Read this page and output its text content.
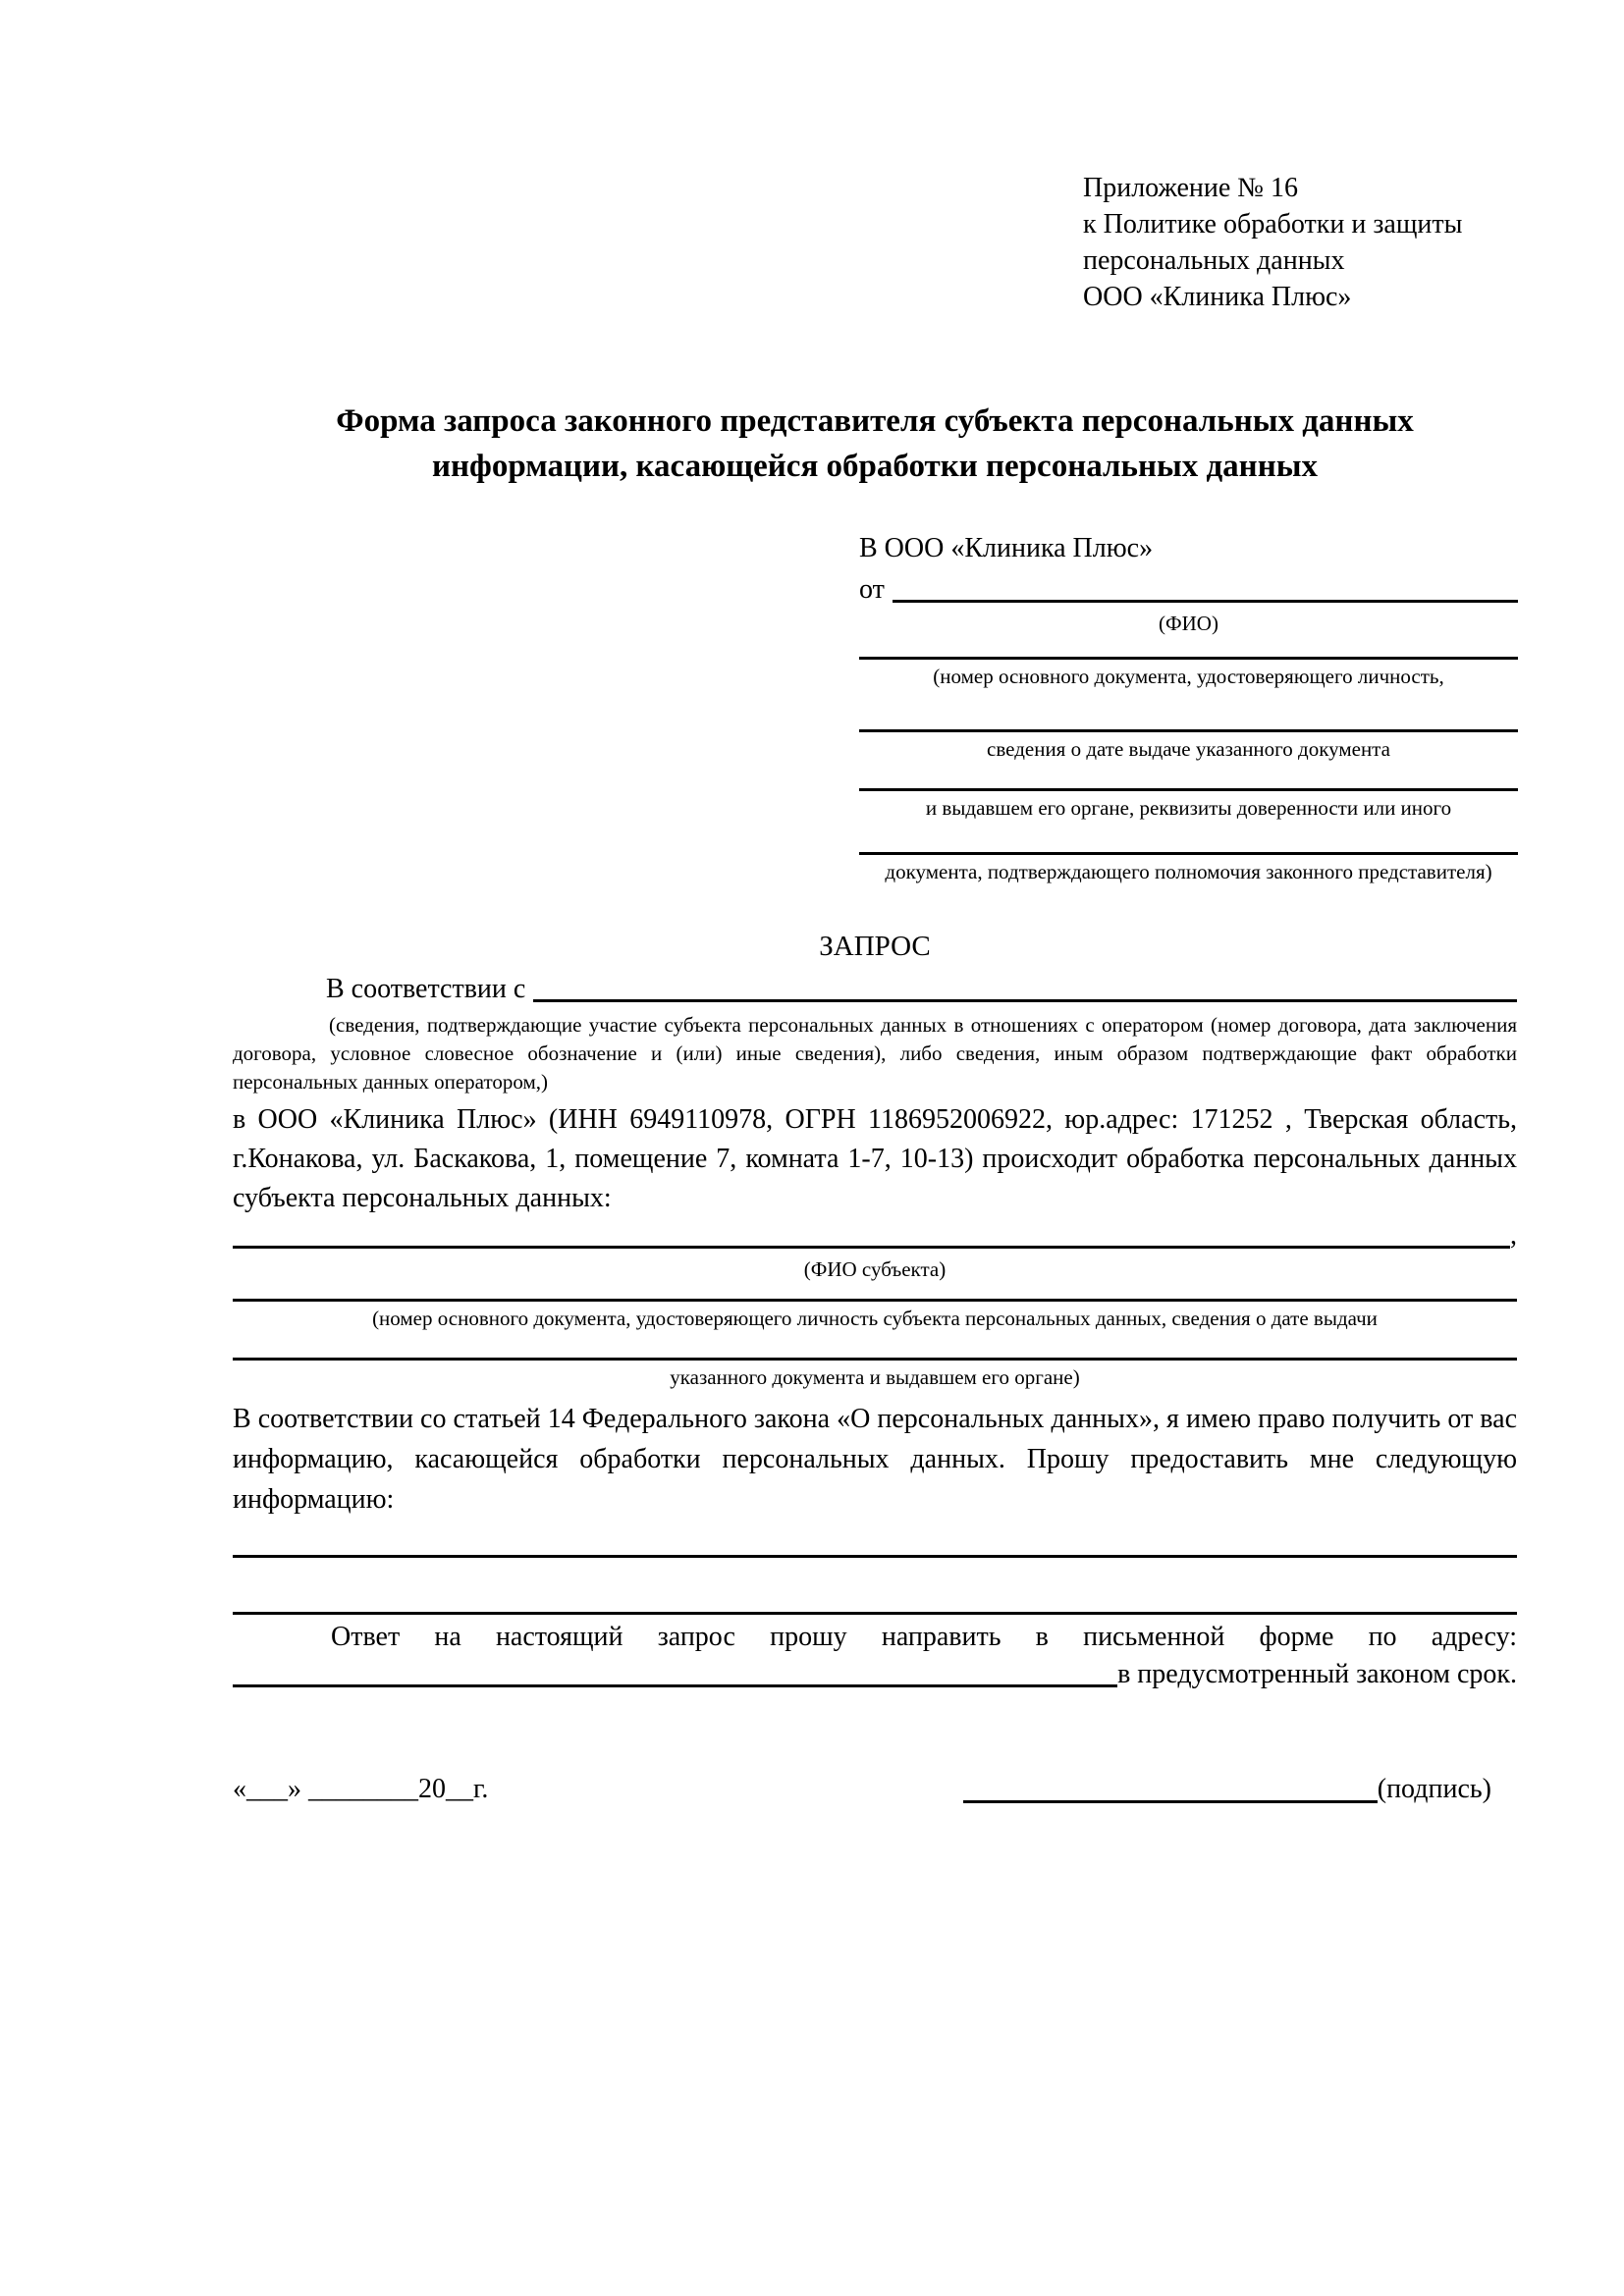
Приложение № 16
к Политике обработки и защиты
персональных данных
ООО «Клиника Плюс»
Форма запроса законного представителя субъекта персональных данных
информации, касающейся обработки персональных данных
В ООО «Клиника Плюс»
от
(ФИО)
(номер основного документа, удостоверяющего личность,
сведения о дате выдаче указанного документа
и выдавшем его органе, реквизиты доверенности или иного
документа, подтверждающего полномочия законного представителя)
ЗАПРОС
В соответствии с
(сведения, подтверждающие участие субъекта персональных данных в отношениях с оператором (номер договора, дата заключения договора, условное словесное обозначение и (или) иные сведения), либо сведения, иным образом подтверждающие факт обработки персональных данных оператором,)
в ООО «Клиника Плюс» (ИНН 6949110978, ОГРН 1186952006922, юр.адрес: 171252 , Тверская область, г.Конакова, ул. Баскакова, 1, помещение 7, комната 1-7, 10-13) происходит обработка персональных данных субъекта персональных данных:
,
(ФИО субъекта)
(номер основного документа, удостоверяющего личность субъекта персональных данных, сведения о дате выдачи
указанного документа и выдавшем его органе)
В соответствии со статьей 14 Федерального закона «О персональных данных», я имею право получить от вас информацию, касающейся обработки персональных данных. Прошу предоставить мне следующую информацию:
Ответ на настоящий запрос прошу направить в письменной форме по адресу:
в предусмотренный законом срок.
«___» ________20__г.	(подпись)
